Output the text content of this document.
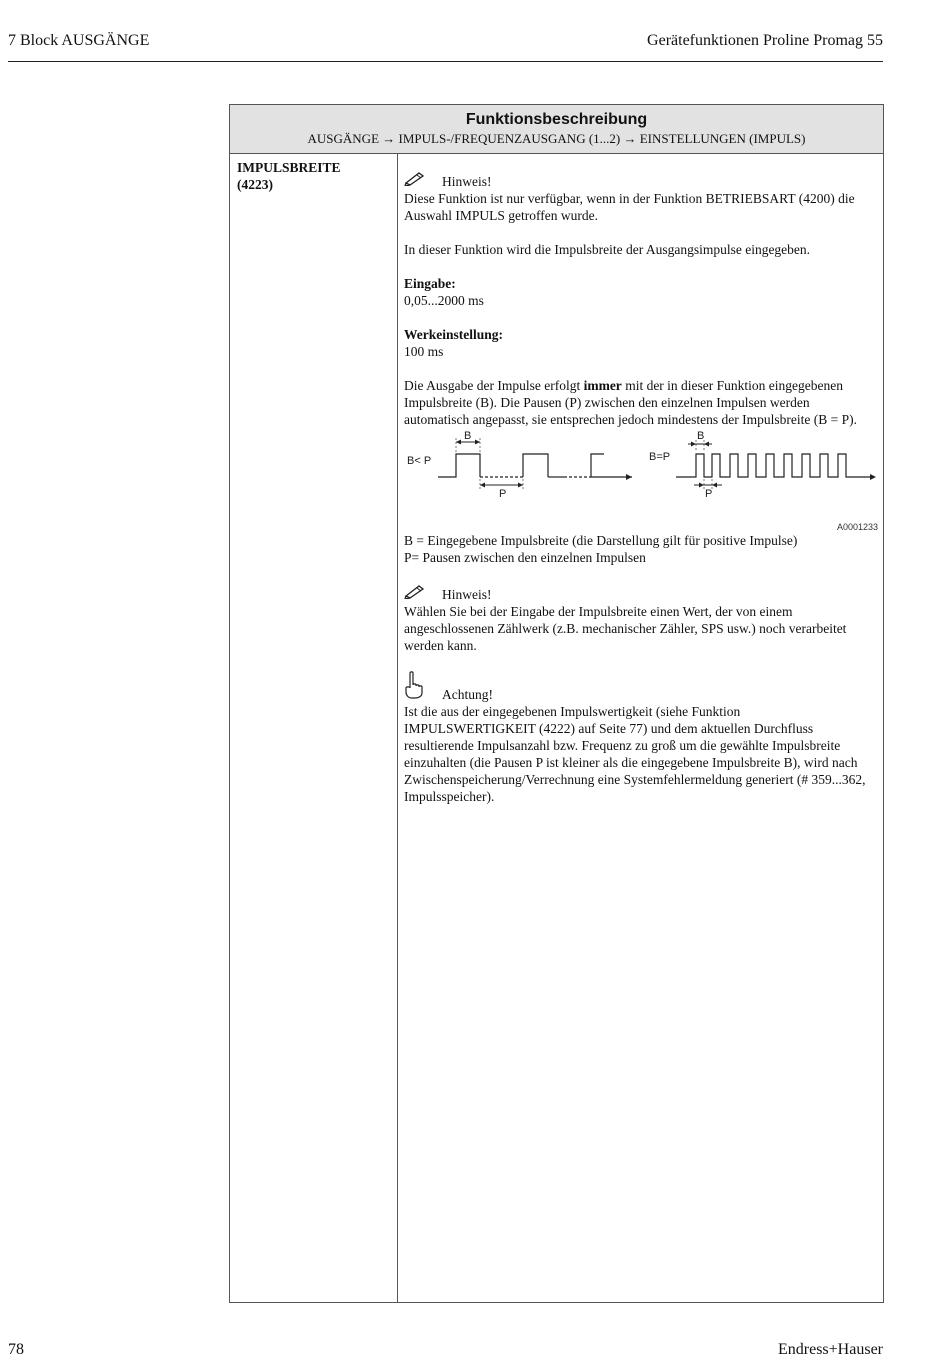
7 Block AUSGÄNGE	Gerätefunktionen Proline Promag 55
Funktionsbeschreibung
AUSGÄNGE → IMPULS-/FREQUENZAUSGANG (1...2) → EINSTELLUNGEN (IMPULS)
IMPULSBREITE
(4223)	Hinweis!

Diese Funktion ist nur verfügbar, wenn in der Funktion BETRIEBSART (4200) die Auswahl IMPULS getroffen wurde.

In dieser Funktion wird die Impulsbreite der Ausgangsimpulse eingegeben.

Eingabe:

0,05...2000 ms

Werkeinstellung:

100 ms

Die Ausgabe der Impulse erfolgt immer mit der in dieser Funktion eingegebenen Impulsbreite (B). Die Pausen (P) zwischen den einzelnen Impulsen werden automatisch angepasst, sie entsprechen jedoch mindestens der Impulsbreite (B = P).

B< P
B
P
B=P
B
P
A0001233

B = Eingegebene Impulsbreite (die Darstellung gilt für positive Impulse)

P= Pausen zwischen den einzelnen Impulsen

Hinweis!

Wählen Sie bei der Eingabe der Impulsbreite einen Wert, der von einem angeschlossenen Zählwerk (z.B. mechanischer Zähler, SPS usw.) noch verarbeitet werden kann.

Achtung!

Ist die aus der eingegebenen Impulswertigkeit (siehe Funktion IMPULSWERTIGKEIT (4222) auf Seite 77) und dem aktuellen Durchfluss resultierende Impulsanzahl bzw. Frequenz zu groß um die gewählte Impulsbreite einzuhalten (die Pausen P ist kleiner als die eingegebene Impulsbreite B), wird nach Zwischenspeicherung/Verrechnung eine Systemfehlermeldung generiert (# 359...362, Impulsspeicher).

78	Endress+Hauser
